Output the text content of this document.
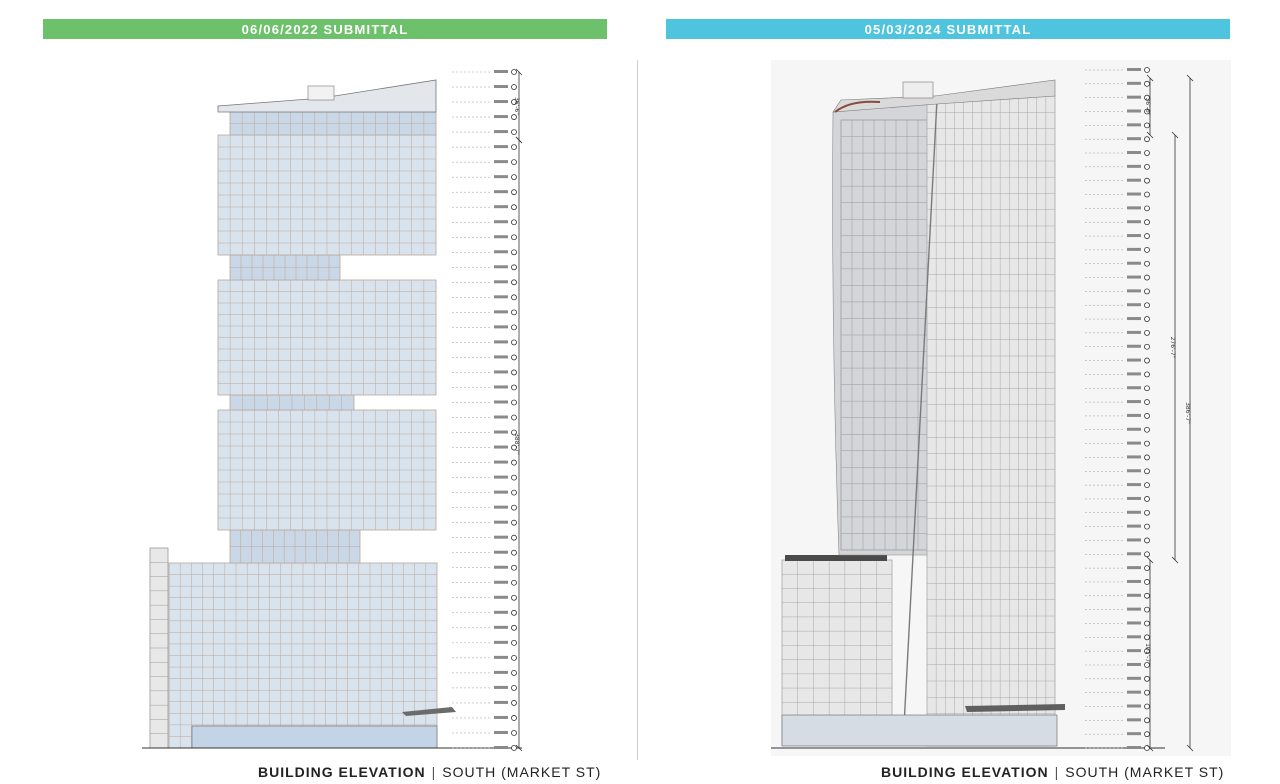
06/06/2022 SUBMITTAL
36'-6"
388'-7"
BUILDING ELEVATION | SOUTH (MARKET ST)
05/03/2024 SUBMITTAL
36'-6"
276'-7"
386'-7"
101'-7"
BUILDING ELEVATION | SOUTH (MARKET ST)
